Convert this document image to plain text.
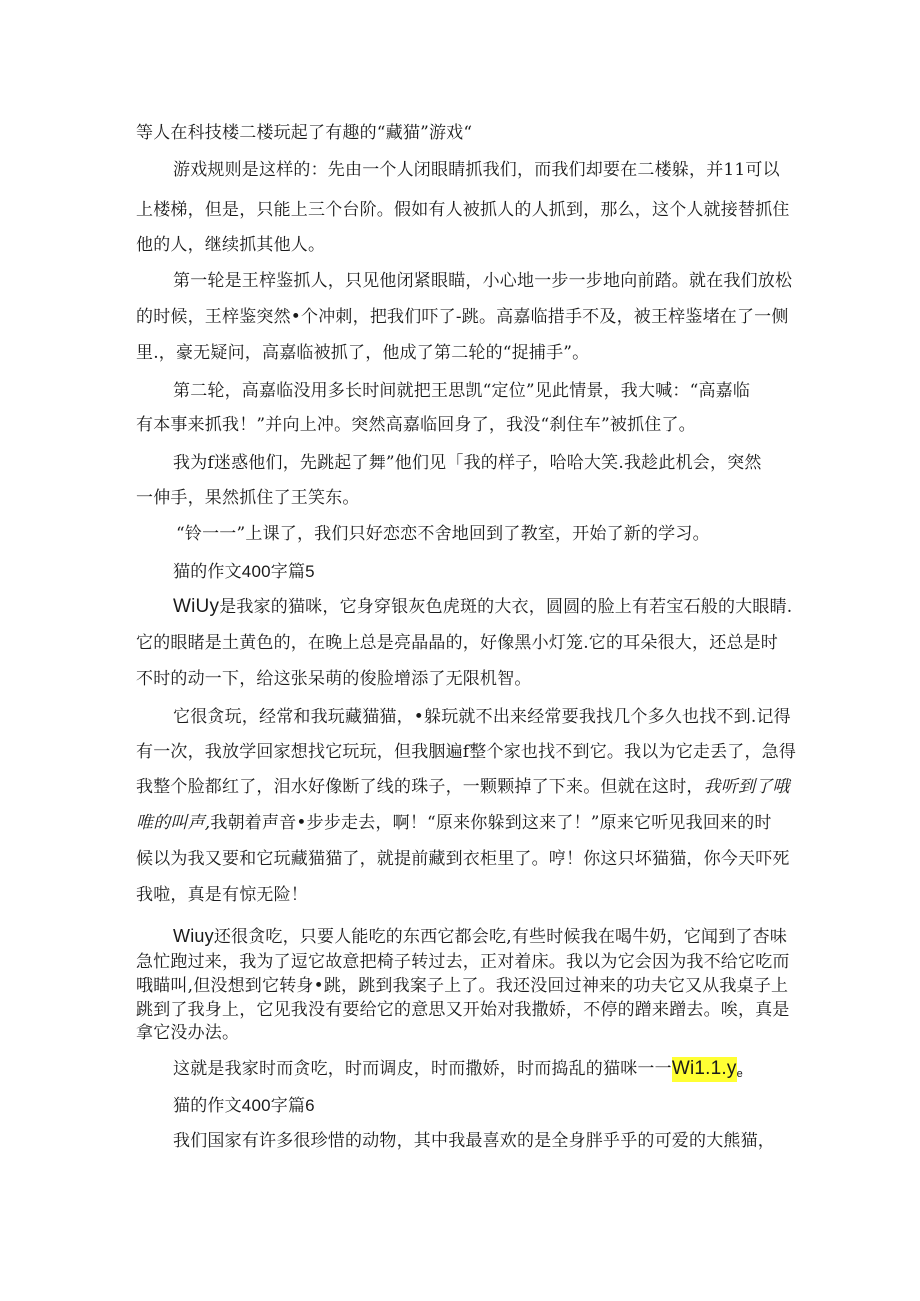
等人在科技楼二楼玩起了有趣的“藏猫”游戏“

游戏规则是这样的：先由一个人闭眼睛抓我们，而我们却要在二楼躲，并11可以

上楼梯，但是，只能上三个台阶。假如有人被抓人的人抓到，那么，这个人就接替抓住

他的人，继续抓其他人。

第一轮是王梓鉴抓人，只见他闭紧眼瞄，小心地一步一步地向前踏。就在我们放松

的时候，王梓鉴突然•个冲刺，把我们吓了-跳。高嘉临措手不及，被王梓鉴堵在了一侧

里.，豪无疑问，高嘉临被抓了，他成了第二轮的“捉捕手”。

第二轮，高嘉临没用多长时间就把王思凯“定位”见此情景，我大喊：“高嘉临

有本事来抓我！”并向上冲。突然高嘉临回身了，我没“刹住车”被抓住了。

我为f迷惑他们，先跳起了舞”他们见「我的样子，哈哈大笑.我趁此机会，突然

一伸手，果然抓住了王笑东。

“铃一一”上课了，我们只好恋恋不舍地回到了教室，开始了新的学习。

猫的作文400字篇5

WiUy是我家的猫咪，它身穿银灰色虎斑的大衣，圆圆的脸上有若宝石般的大眼睛.

它的眼睹是土黄色的，在晚上总是亮晶晶的，好像黑小灯笼.它的耳朵很大，还总是时

不时的动一下，给这张呆萌的俊脸增添了无限机智。

它很贪玩，经常和我玩藏猫猫，•躲玩就不出来经常要我找几个多久也找不到.记得

有一次，我放学回家想找它玩玩，但我胭遍f整个家也找不到它。我以为它走丢了，急得

我整个脸都红了，泪水好像断了线的珠子，一颗颗掉了下来。但就在这时，我听到了哦

唯的叫声,我朝着声音•步步走去，啊！“原来你躲到这来了！”原来它听见我回来的时

候以为我又要和它玩藏猫猫了，就提前藏到衣柜里了。哼！你这只坏猫猫，你今天吓死

我啦，真是有惊无险！

Wiuy还很贪吃，只要人能吃的东西它都会吃,有些时候我在喝牛奶，它闻到了杏味

急忙跑过来，我为了逗它故意把椅子转过去，正对着床。我以为它会因为我不给它吃而

哦瞄叫,但没想到它转身•跳，跳到我案子上了。我还没回过神来的功夫它又从我桌子上

跳到了我身上，它见我没有要给它的意思又开始对我撒娇，不停的蹭来蹭去。唉，真是

拿它没办法。

这就是我家时而贪吃，时而调皮，时而撒娇，时而捣乱的猫咪一一Wi1.1.ye

猫的作文400字篇6

我们国家有许多很珍惜的动物，其中我最喜欢的是全身胖乎乎的可爱的大熊猫，
